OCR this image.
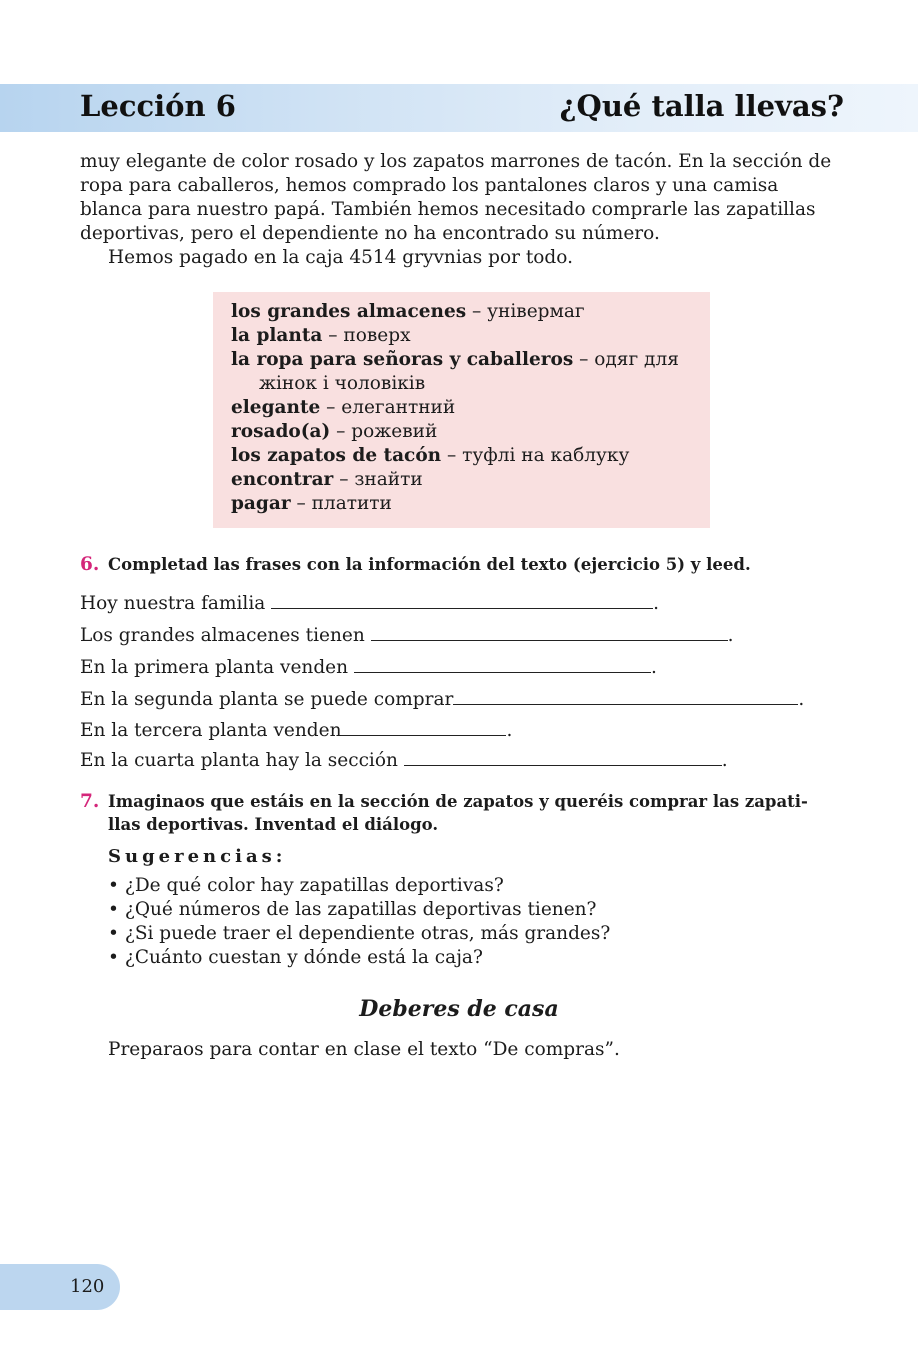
Lección 6	¿Qué talla llevas?

muy elegante de color rosado y los zapatos marrones de tacón. En la sección de

ropa para caballeros, hemos comprado los pantalones claros y una camisa

blanca para nuestro papá. También hemos necesitado comprarle las zapatillas

deportivas, pero el dependiente no ha encontrado su número.

Hemos pagado en la caja 4514 gryvnias por todo.

los grandes almacenes – універмаг
la planta – поверх
la ropa para señoras y caballeros – одяг для
жінок і чоловіків
elegante – елегантний
rosado(a) – рожевий
los zapatos de tacón – туфлі на каблуку
encontrar – знайти
pagar – платити
6. Completad las frases con la información del texto (ejercicio 5) y leed.
Hoy nuestra familia	.
Los grandes almacenes tienen	.
En la primera planta venden	.
En la segunda planta se puede comprar	.
En la tercera planta venden	.
En la cuarta planta hay la sección	.
7. Imaginaos que estáis en la sección de zapatos y queréis comprar las zapati-
llas deportivas. Inventad el diálogo.
Sugerencias:
• ¿De qué color hay zapatillas deportivas?
• ¿Qué números de las zapatillas deportivas tienen?
• ¿Si puede traer el dependiente otras, más grandes?
• ¿Cuánto cuestan y dónde está la caja?
Deberes de casa
Preparaos para contar en clase el texto “De compras”.
120
